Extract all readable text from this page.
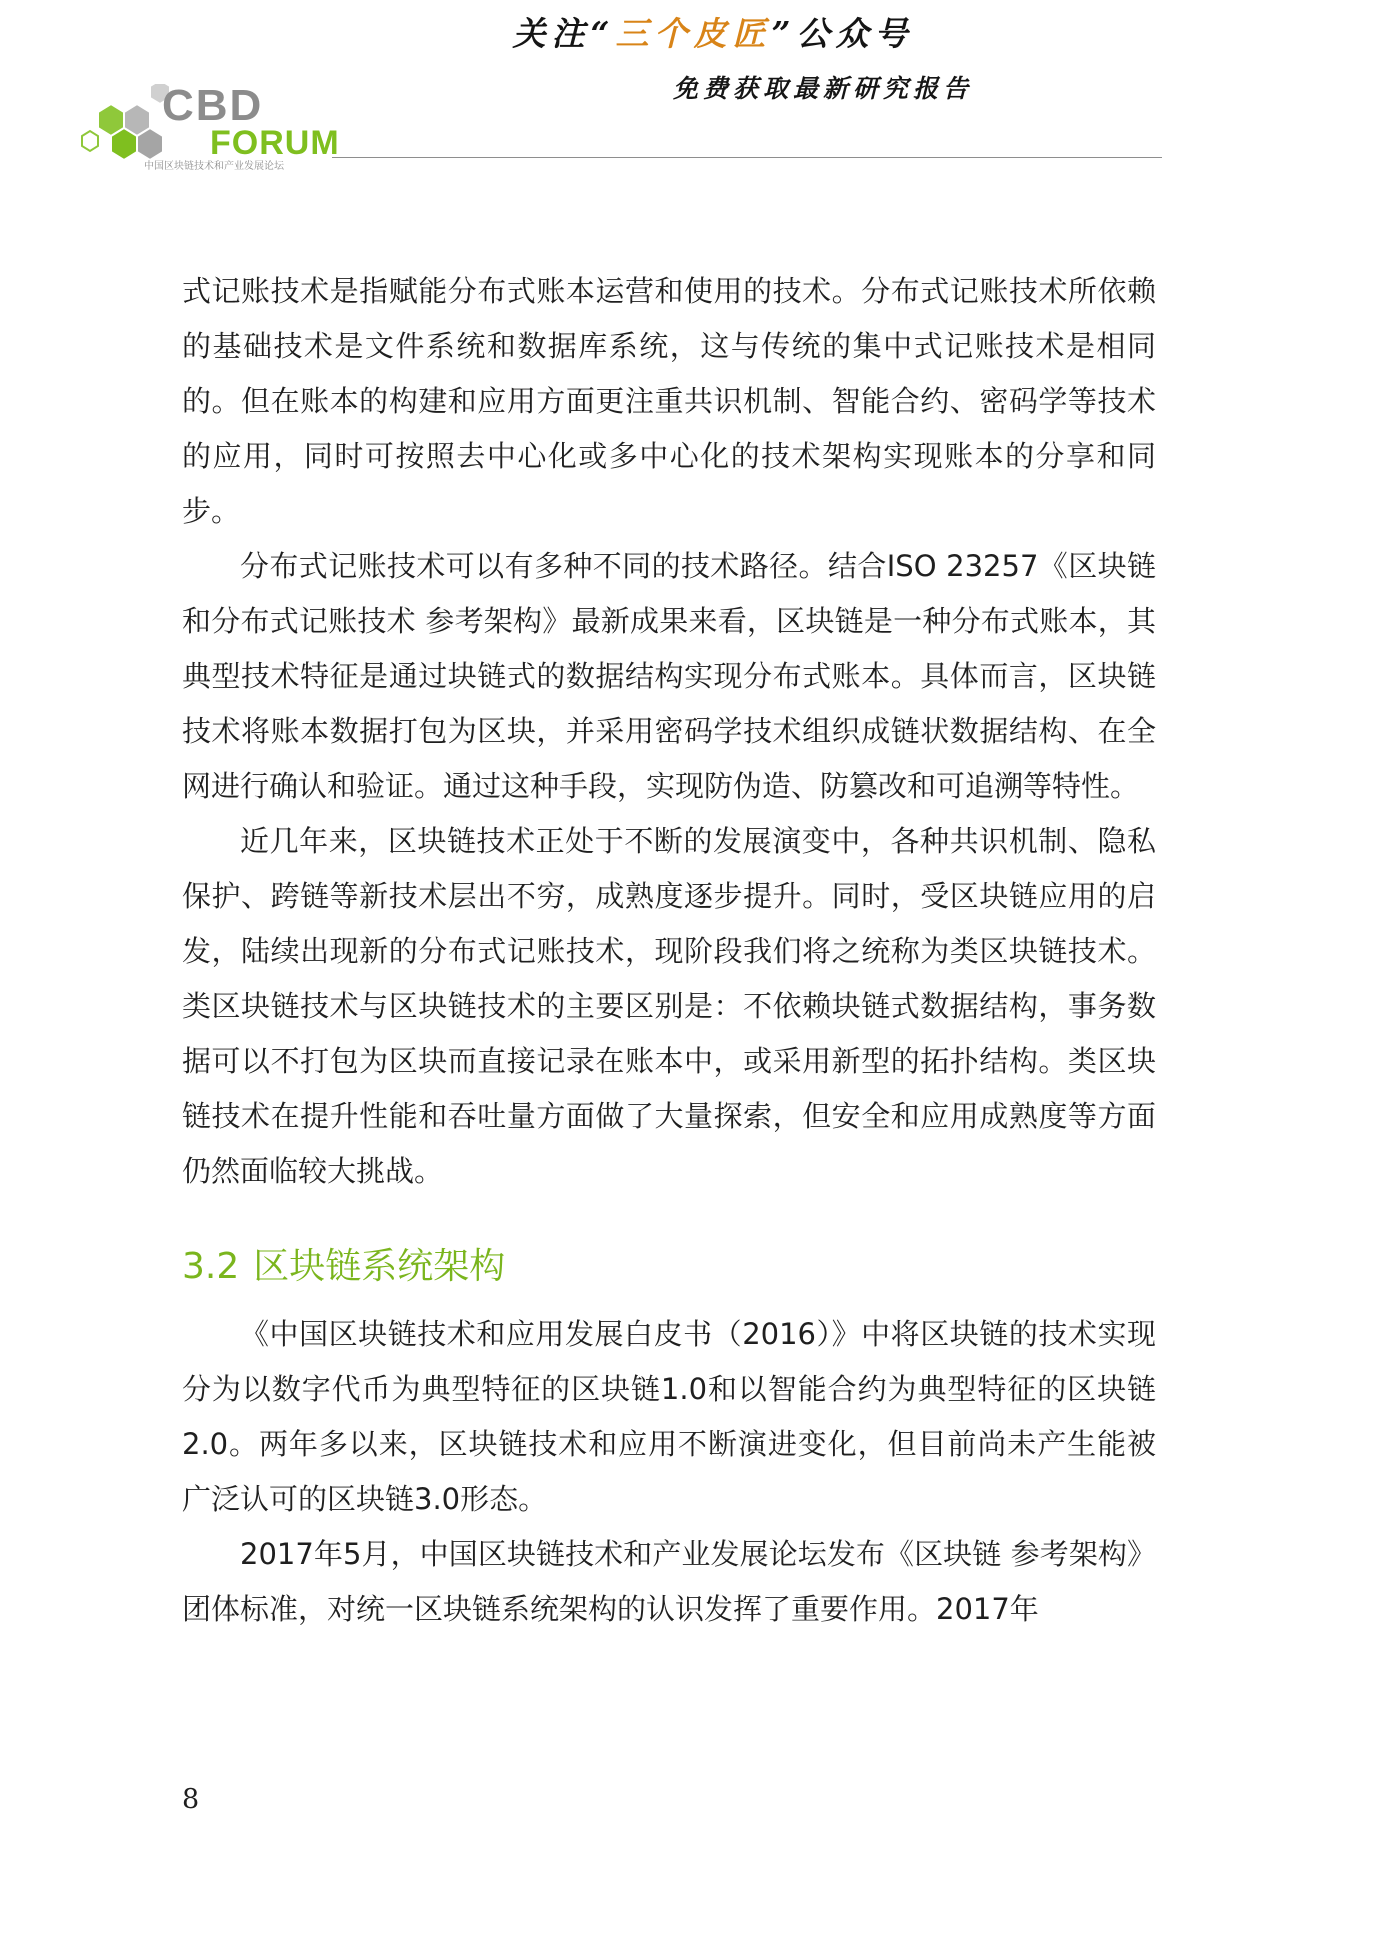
关注“三个皮匠”公众号
免费获取最新研究报告
CBD
FORUM
中国区块链技术和产业发展论坛

式记账技术是指赋能分布式账本运营和使用的技术。分布式记账技术所依赖的基础技术是文件系统和数据库系统，这与传统的集中式记账技术是相同的。但在账本的构建和应用方面更注重共识机制、智能合约、密码学等技术的应用，同时可按照去中心化或多中心化的技术架构实现账本的分享和同步。

分布式记账技术可以有多种不同的技术路径。结合ISO 23257《区块链和分布式记账技术 参考架构》最新成果来看，区块链是一种分布式账本，其典型技术特征是通过块链式的数据结构实现分布式账本。具体而言，区块链技术将账本数据打包为区块，并采用密码学技术组织成链状数据结构、在全网进行确认和验证。通过这种手段，实现防伪造、防篡改和可追溯等特性。

近几年来，区块链技术正处于不断的发展演变中，各种共识机制、隐私保护、跨链等新技术层出不穷，成熟度逐步提升。同时，受区块链应用的启发，陆续出现新的分布式记账技术，现阶段我们将之统称为类区块链技术。类区块链技术与区块链技术的主要区别是：不依赖块链式数据结构，事务数据可以不打包为区块而直接记录在账本中，或采用新型的拓扑结构。类区块链技术在提升性能和吞吐量方面做了大量探索，但安全和应用成熟度等方面仍然面临较大挑战。

3.2 区块链系统架构

《中国区块链技术和应用发展白皮书（2016）》中将区块链的技术实现分为以数字代币为典型特征的区块链1.0和以智能合约为典型特征的区块链2.0。两年多以来，区块链技术和应用不断演进变化，但目前尚未产生能被广泛认可的区块链3.0形态。

2017年5月，中国区块链技术和产业发展论坛发布《区块链 参考架构》团体标准，对统一区块链系统架构的认识发挥了重要作用。2017年

8
